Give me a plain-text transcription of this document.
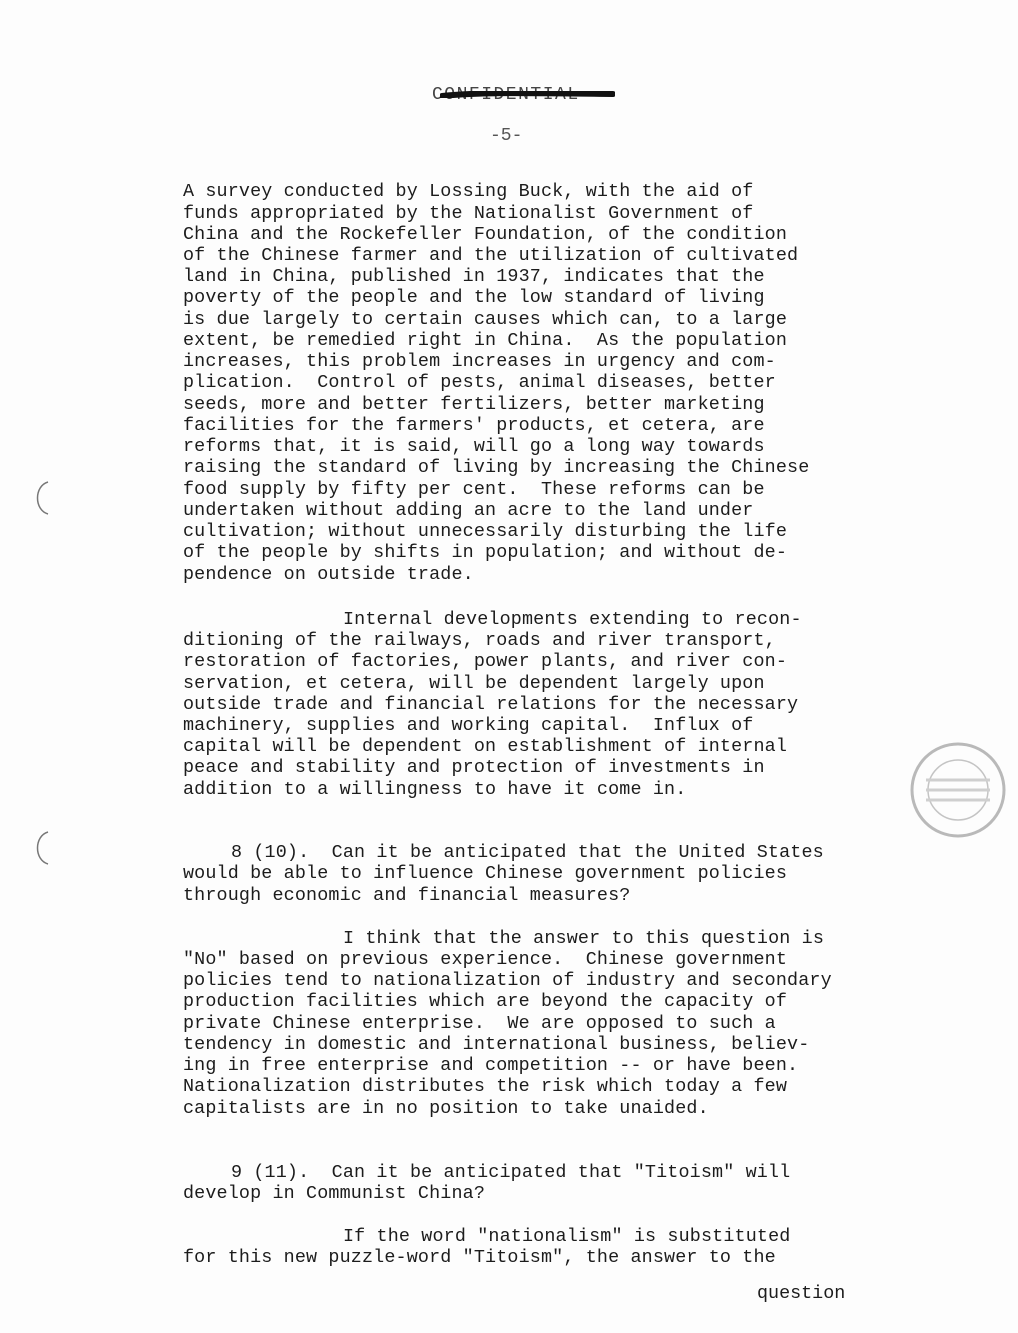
CONFIDENTIAL
-5-
A survey conducted by Lossing Buck, with the aid of
funds appropriated by the Nationalist Government of
China and the Rockefeller Foundation, of the condition
of the Chinese farmer and the utilization of cultivated
land in China, published in 1937, indicates that the
poverty of the people and the low standard of living
is due largely to certain causes which can, to a large
extent, be remedied right in China.  As the population
increases, this problem increases in urgency and com-
plication.  Control of pests, animal diseases, better
seeds, more and better fertilizers, better marketing
facilities for the farmers' products, et cetera, are
reforms that, it is said, will go a long way towards
raising the standard of living by increasing the Chinese
food supply by fifty per cent.  These reforms can be
undertaken without adding an acre to the land under
cultivation; without unnecessarily disturbing the life
of the people by shifts in population; and without de-
pendence on outside trade.
Internal developments extending to recon-
ditioning of the railways, roads and river transport,
restoration of factories, power plants, and river con-
servation, et cetera, will be dependent largely upon
outside trade and financial relations for the necessary
machinery, supplies and working capital.  Influx of
capital will be dependent on establishment of internal
peace and stability and protection of investments in
addition to a willingness to have it come in.
8 (10).  Can it be anticipated that the United States
would be able to influence Chinese government policies
through economic and financial measures?
I think that the answer to this question is
"No" based on previous experience.  Chinese government
policies tend to nationalization of industry and secondary
production facilities which are beyond the capacity of
private Chinese enterprise.  We are opposed to such a
tendency in domestic and international business, believ-
ing in free enterprise and competition -- or have been.
Nationalization distributes the risk which today a few
capitalists are in no position to take unaided.
9 (11).  Can it be anticipated that "Titoism" will
develop in Communist China?
If the word "nationalism" is substituted
for this new puzzle-word "Titoism", the answer to the
question
